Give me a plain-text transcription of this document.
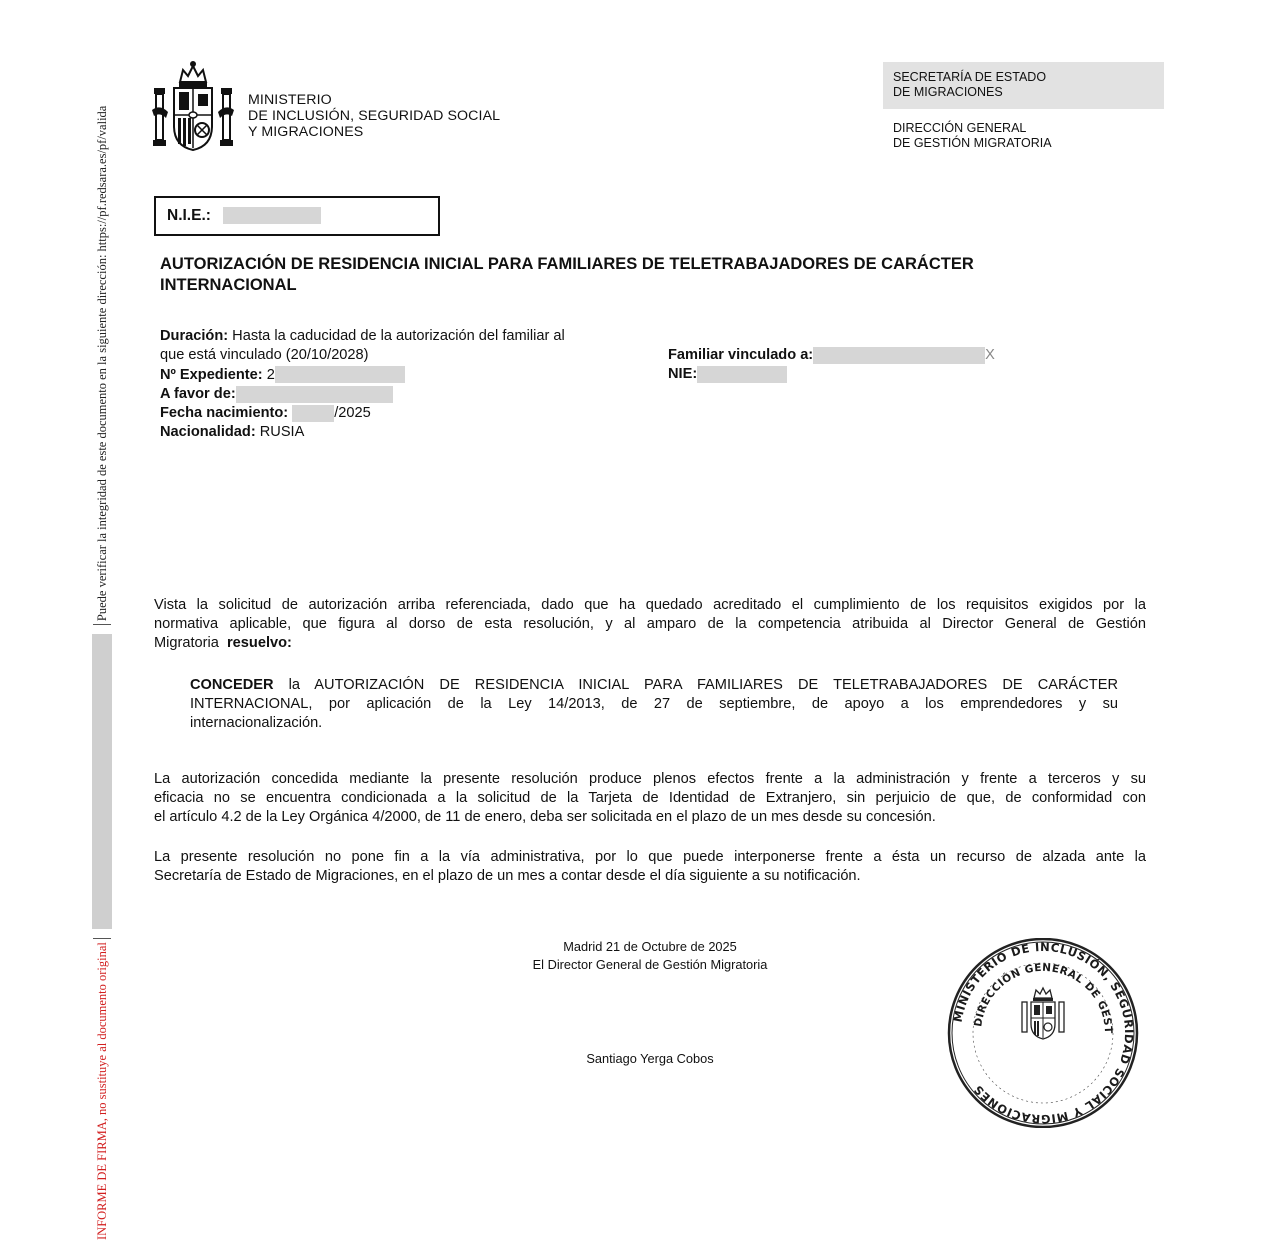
INFORME DE FIRMA, no sustituye al documento original
Puede verificar la integridad de este documento en la siguiente dirección: https://pf.redsara.es/pf/valida
MINISTERIO
DE INCLUSIÓN, SEGURIDAD SOCIAL
Y MIGRACIONES
SECRETARÍA DE ESTADO
DE MIGRACIONES
DIRECCIÓN GENERAL
DE GESTIÓN MIGRATORIA
N.I.E.:
AUTORIZACIÓN DE RESIDENCIA INICIAL PARA FAMILIARES DE TELETRABAJADORES DE CARÁCTER
INTERNACIONAL
Duración: Hasta la caducidad de la autorización del familiar al
que está vinculado (20/10/2028)
Nº Expediente: 2
A favor de:
Fecha nacimiento:	/2025
Nacionalidad: RUSIA
Familiar vinculado a:	X
NIE:
Vista la solicitud de autorización arriba referenciada, dado que ha quedado acreditado el cumplimiento de los requisitos exigidos por la
normativa aplicable, que figura al dorso de esta resolución, y al amparo de la competencia atribuida al Director General de Gestión
Migratoria resuelvo:
CONCEDER la AUTORIZACIÓN DE RESIDENCIA INICIAL PARA FAMILIARES DE TELETRABAJADORES DE CARÁCTER
INTERNACIONAL, por aplicación de la Ley 14/2013, de 27 de septiembre, de apoyo a los emprendedores y su
internacionalización.
La autorización concedida mediante la presente resolución produce plenos efectos frente a la administración y frente a terceros y su
eficacia no se encuentra condicionada a la solicitud de la Tarjeta de Identidad de Extranjero, sin perjuicio de que, de conformidad con
el artículo 4.2 de la Ley Orgánica 4/2000, de 11 de enero, deba ser solicitada en el plazo de un mes desde su concesión.
La presente resolución no pone fin a la vía administrativa, por lo que puede interponerse frente a ésta un recurso de alzada ante la
Secretaría de Estado de Migraciones, en el plazo de un mes a contar desde el día siguiente a su notificación.
Madrid 21 de Octubre de 2025
El Director General de Gestión Migratoria
Santiago Yerga Cobos
MINISTERIO DE INCLUSIÓN, SEGURIDAD SOCIAL Y MIGRACIONES
DIRECCIÓN GENERAL DE GEST
